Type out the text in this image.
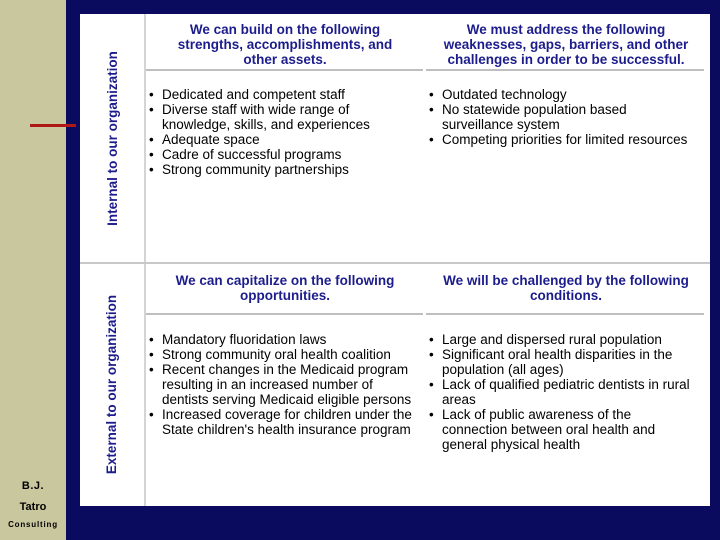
B.J.
Tatro
Consulting
Internal to our organization
External to our organization
We can build on the following strengths, accomplishments, and other assets.
We must address the following weaknesses, gaps, barriers, and other challenges in order to be successful.
We can capitalize on the following opportunities.
We will be challenged by the following conditions.
• Dedicated and competent staff
• Diverse staff with wide range of knowledge, skills, and experiences
• Adequate space
• Cadre of successful programs
• Strong community partnerships
• Outdated technology
• No statewide population based surveillance system
• Competing priorities for limited resources
• Mandatory fluoridation laws
• Strong community oral health coalition
• Recent changes in the Medicaid program resulting in an increased number of dentists serving Medicaid eligible persons
• Increased coverage for children under the State children's health insurance program
• Large and dispersed rural population
• Significant oral health disparities in the population (all ages)
• Lack of qualified pediatric dentists in rural areas
• Lack of public awareness of the connection between oral health and general physical health
